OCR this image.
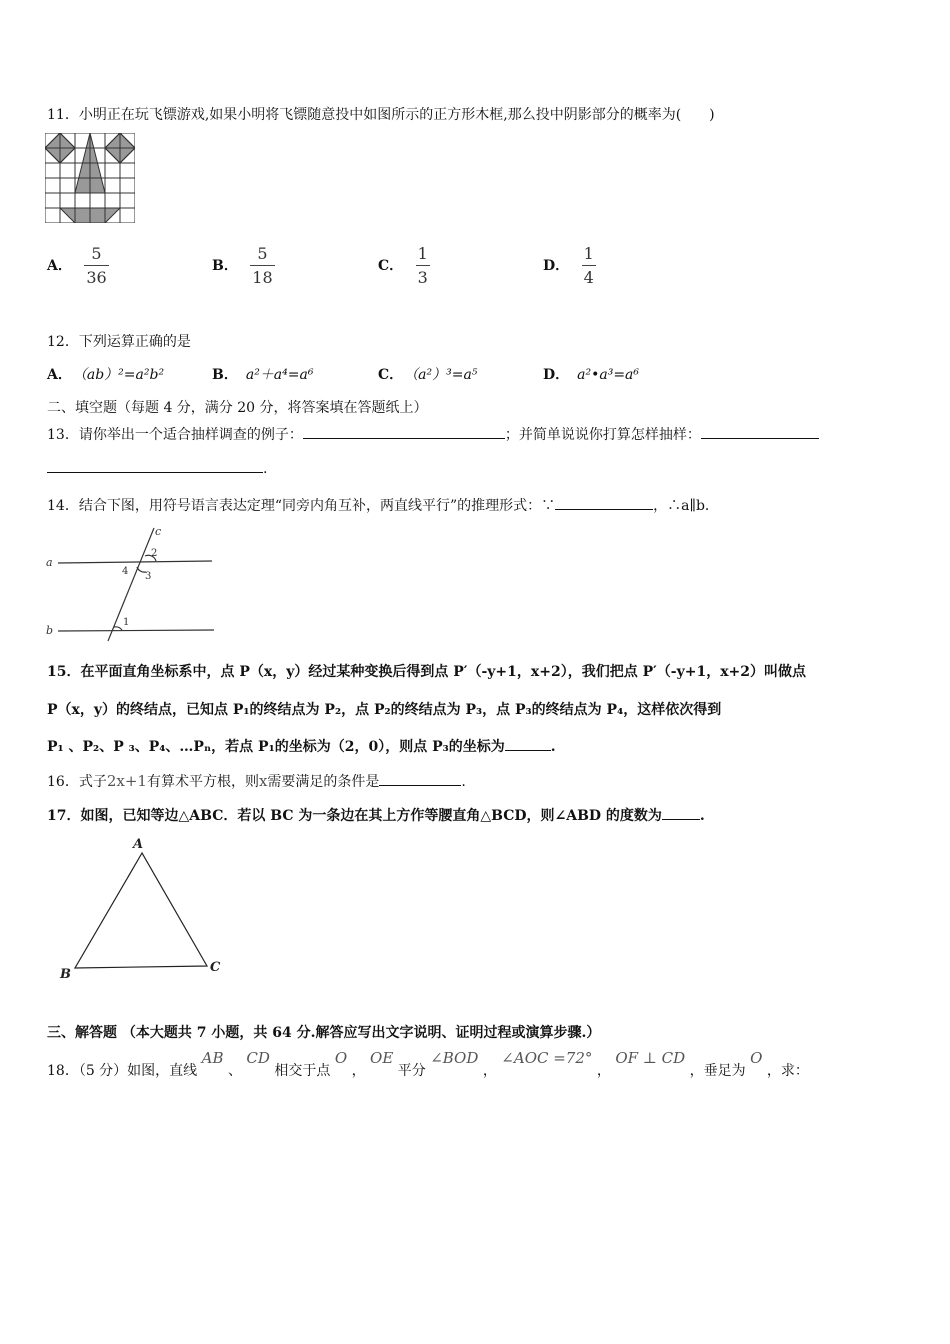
11．小明正在玩飞镖游戏,如果小明将飞镖随意投中如图所示的正方形木框,那么投中阴影部分的概率为(　　)
A． $\frac{5}{36}$	B． $\frac{5}{18}$	C． $\frac{1}{3}$	D． $\frac{1}{4}$
12．下列运算正确的是
A． （ab）²=a²b²	B． a²＋a⁴=a⁶	C． （a²）³=a⁵	D． a²•a³=a⁶
二、填空题（每题 4 分，满分 20 分，将答案填在答题纸上）
13．请你举出一个适合抽样调查的例子：	；并简单说说你打算怎样抽样：
.
14．结合下图，用符号语言表达定理“同旁内角互补，两直线平行”的推理形式：∵	，∴a∥b．
a
b
c
2
4 3
1
15．在平面直角坐标系中，点 P（x，y）经过某种变换后得到点 P′（-y+1，x+2），我们把点 P′（-y+1，x+2）叫做点
P（x，y）的终结点，已知点 P₁的终结点为 P₂，点 P₂的终结点为 P₃，点 P₃的终结点为 P₄，这样依次得到
P₁ 、P₂、P ₃、P₄、…Pₙ，若点 P₁的坐标为（2，0），则点 P₃的坐标为	.
16．式子2x+1有算术平方根，则x需要满足的条件是	.
17．如图，已知等边△ABC．若以 BC 为一条边在其上方作等腰直角△BCD，则∠ABD 的度数为	.
A
B	C
三、解答题 （本大题共 7 小题，共 64 分.解答应写出文字说明、证明过程或演算步骤.）
18．（5 分）如图，直线 AB 、 CD 相交于点 O ， OE 平分 ∠BOD ， ∠AOC =72° ， OF ⊥ CD ，垂足为 O ，求：
